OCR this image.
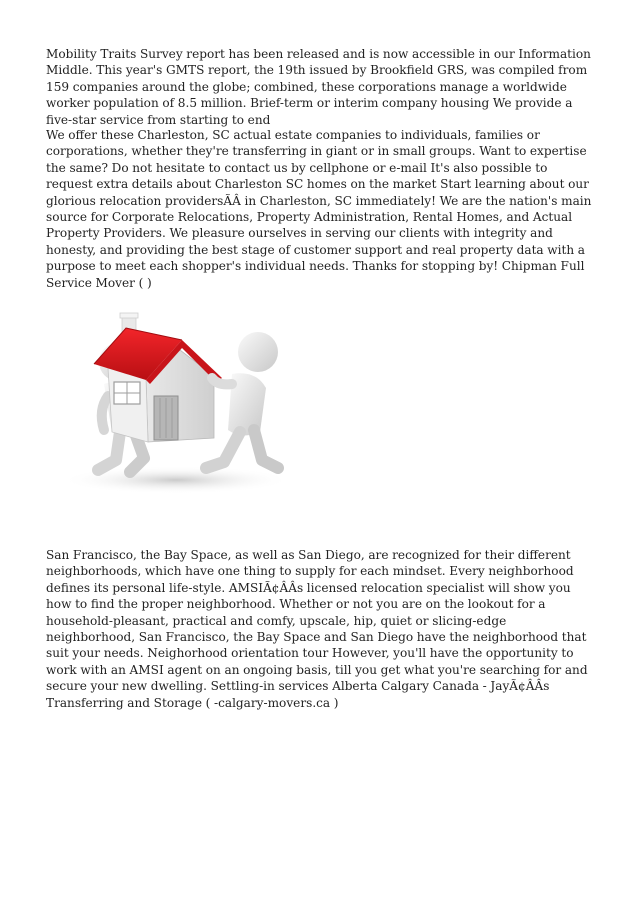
Mobility Traits Survey report has been released and is now accessible in our Information Middle. This year's GMTS report, the 19th issued by Brookfield GRS, was compiled from 159 companies around the globe; combined, these corporations manage a worldwide worker population of 8.5 million. Brief-term or interim company housing We provide a five-star service from starting to end

We offer these Charleston, SC actual estate companies to individuals, families or corporations, whether they're transferring in giant or in small groups. Want to expertise the same? Do not hesitate to contact us by cellphone or e-mail It's also possible to request extra details about Charleston SC homes on the market Start learning about our glorious relocation providersÃÂ in Charleston, SC immediately! We are the nation's main source for Corporate Relocations, Property Administration, Rental Homes, and Actual Property Providers. We pleasure ourselves in serving our clients with integrity and honesty, and providing the best stage of customer support and real property data with a purpose to meet each shopper's individual needs. Thanks for stopping by! Chipman Full Service Mover ( )

San Francisco, the Bay Space, as well as San Diego, are recognized for their different neighborhoods, which have one thing to supply for each mindset. Every neighborhood defines its personal life-style. AMSIÃ¢ÂÂs licensed relocation specialist will show you how to find the proper neighborhood. Whether or not you are on the lookout for a household-pleasant, practical and comfy, upscale, hip, quiet or slicing-edge neighborhood, San Francisco, the Bay Space and San Diego have the neighborhood that suit your needs. Neighorhood orientation tour However, you'll have the opportunity to work with an AMSI agent on an ongoing basis, till you get what you're searching for and secure your new dwelling. Settling-in services Alberta Calgary Canada - JayÃ¢ÂÂs Transferring and Storage ( -calgary-movers.ca )
